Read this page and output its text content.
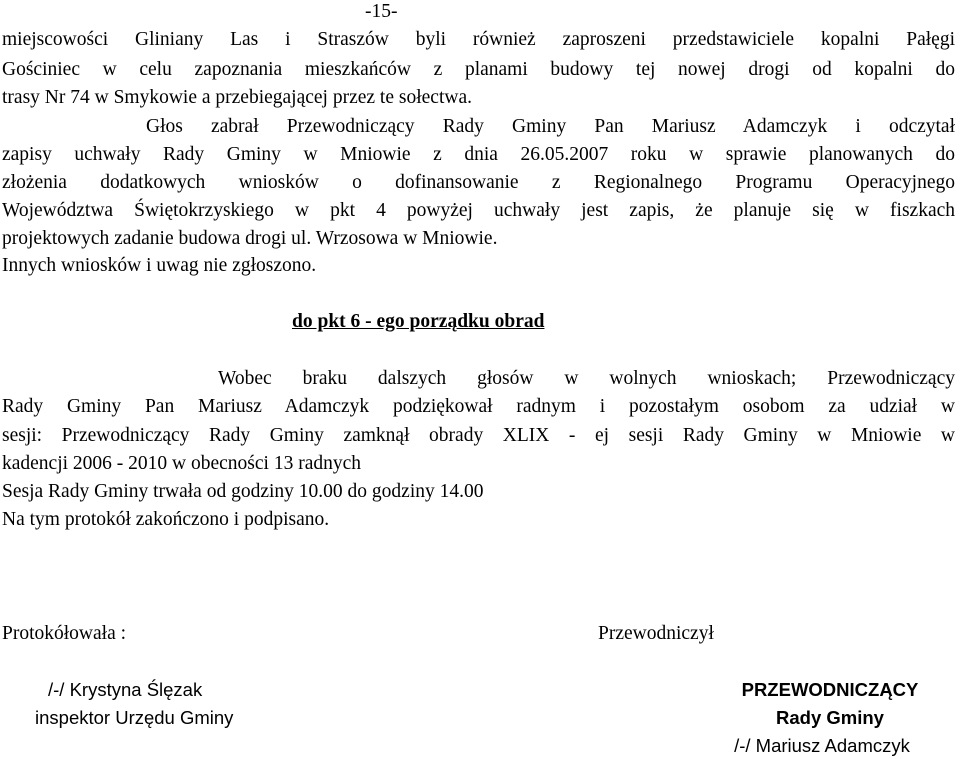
-15-
miejscowości Gliniany Las i Straszów byli również zaproszeni przedstawiciele kopalni Pałęgi
Gościniec w celu zapoznania mieszkańców z planami budowy tej nowej drogi od kopalni do
trasy Nr 74 w Smykowie a przebiegającej przez te sołectwa.
Głos zabrał Przewodniczący Rady Gminy Pan Mariusz Adamczyk i odczytał
zapisy uchwały Rady Gminy w Mniowie z dnia 26.05.2007 roku w sprawie planowanych do
złożenia dodatkowych wniosków o dofinansowanie z Regionalnego Programu Operacyjnego
Województwa Świętokrzyskiego w pkt 4 powyżej uchwały jest zapis, że planuje się w fiszkach
projektowych zadanie budowa drogi ul. Wrzosowa w Mniowie.
Innych wniosków i uwag nie zgłoszono.
do pkt 6 - ego porządku obrad
Wobec braku dalszych głosów w wolnych wnioskach; Przewodniczący
Rady Gminy Pan Mariusz Adamczyk podziękował radnym i pozostałym osobom za udział w
sesji: Przewodniczący Rady Gminy zamknął obrady XLIX - ej sesji Rady Gminy w Mniowie w
kadencji 2006 - 2010 w obecności 13 radnych
Sesja Rady Gminy trwała od godziny 10.00 do godziny 14.00
Na tym protokół zakończono i podpisano.
Protokółowała :	Przewodniczył
/-/ Krystyna Ślęzak
inspektor Urzędu Gminy
PRZEWODNICZĄCY
Rady Gminy
/-/ Mariusz Adamczyk
